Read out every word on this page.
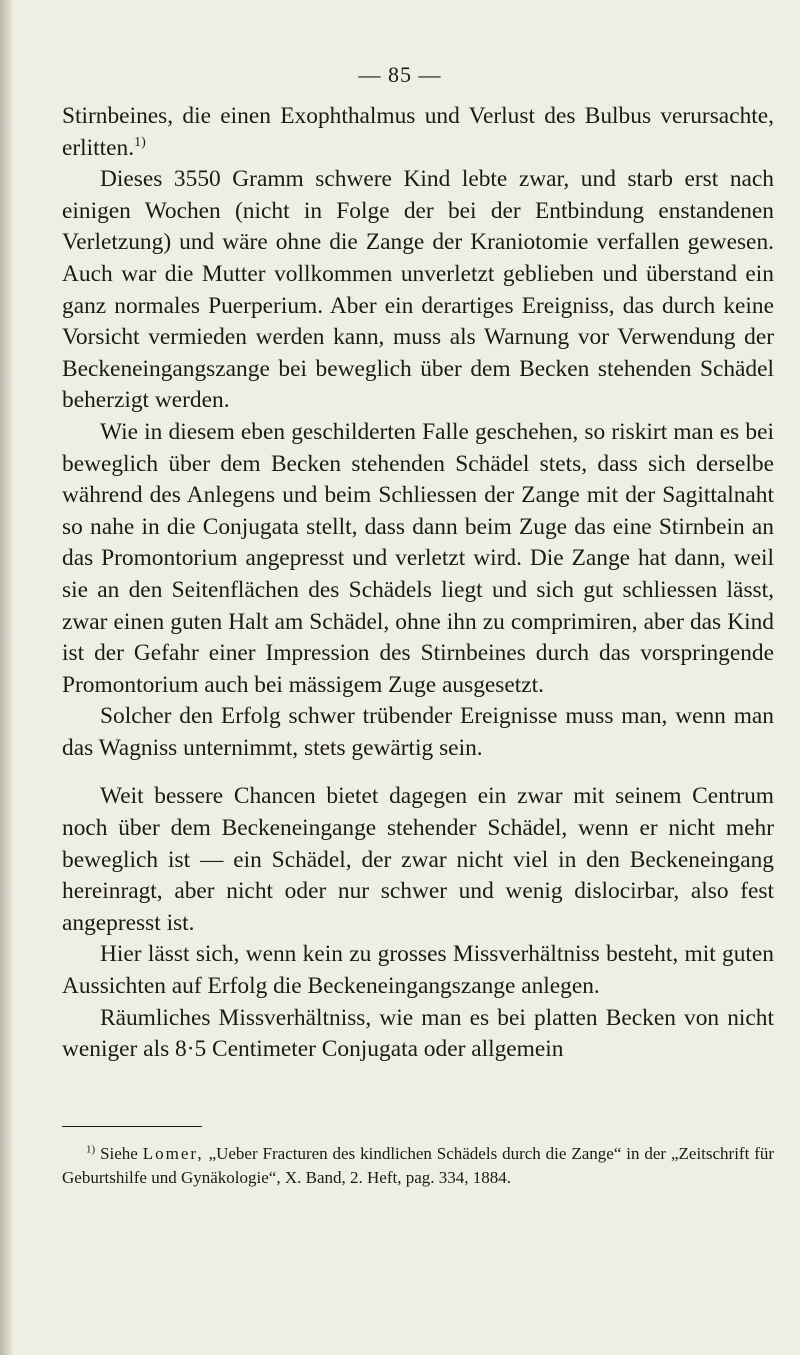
— 85 —

Stirnbeines, die einen Exophthalmus und Verlust des Bulbus verursachte, erlitten.$^{1)}$

Dieses 3550 Gramm schwere Kind lebte zwar, und starb erst nach einigen Wochen (nicht in Folge der bei der Entbindung enstandenen Verletzung) und wäre ohne die Zange der Kraniotomie verfallen gewesen. Auch war die Mutter vollkommen unverletzt geblieben und überstand ein ganz normales Puerperium. Aber ein derartiges Ereigniss, das durch keine Vorsicht vermieden werden kann, muss als Warnung vor Verwendung der Beckeneingangszange bei beweglich über dem Becken stehenden Schädel beherzigt werden.

Wie in diesem eben geschilderten Falle geschehen, so riskirt man es bei beweglich über dem Becken stehenden Schädel stets, dass sich derselbe während des Anlegens und beim Schliessen der Zange mit der Sagittalnaht so nahe in die Conjugata stellt, dass dann beim Zuge das eine Stirnbein an das Promontorium angepresst und verletzt wird. Die Zange hat dann, weil sie an den Seitenflächen des Schädels liegt und sich gut schliessen lässt, zwar einen guten Halt am Schädel, ohne ihn zu comprimiren, aber das Kind ist der Gefahr einer Impression des Stirnbeines durch das vorspringende Promontorium auch bei mässigem Zuge ausgesetzt.

Solcher den Erfolg schwer trübender Ereignisse muss man, wenn man das Wagniss unternimmt, stets gewärtig sein.

Weit bessere Chancen bietet dagegen ein zwar mit seinem Centrum noch über dem Beckeneingange stehender Schädel, wenn er nicht mehr beweglich ist — ein Schädel, der zwar nicht viel in den Beckeneingang hereinragt, aber nicht oder nur schwer und wenig dislocirbar, also fest angepresst ist.

Hier lässt sich, wenn kein zu grosses Missverhältniss besteht, mit guten Aussichten auf Erfolg die Beckeneingangszange anlegen.

Räumliches Missverhältniss, wie man es bei platten Becken von nicht weniger als 8·5 Centimeter Conjugata oder allgemein

$^{1)}$ Siehe Lomer, „Ueber Fracturen des kindlichen Schädels durch die Zange“ in der „Zeitschrift für Geburtshilfe und Gynäkologie“, X. Band, 2. Heft, pag. 334, 1884.
